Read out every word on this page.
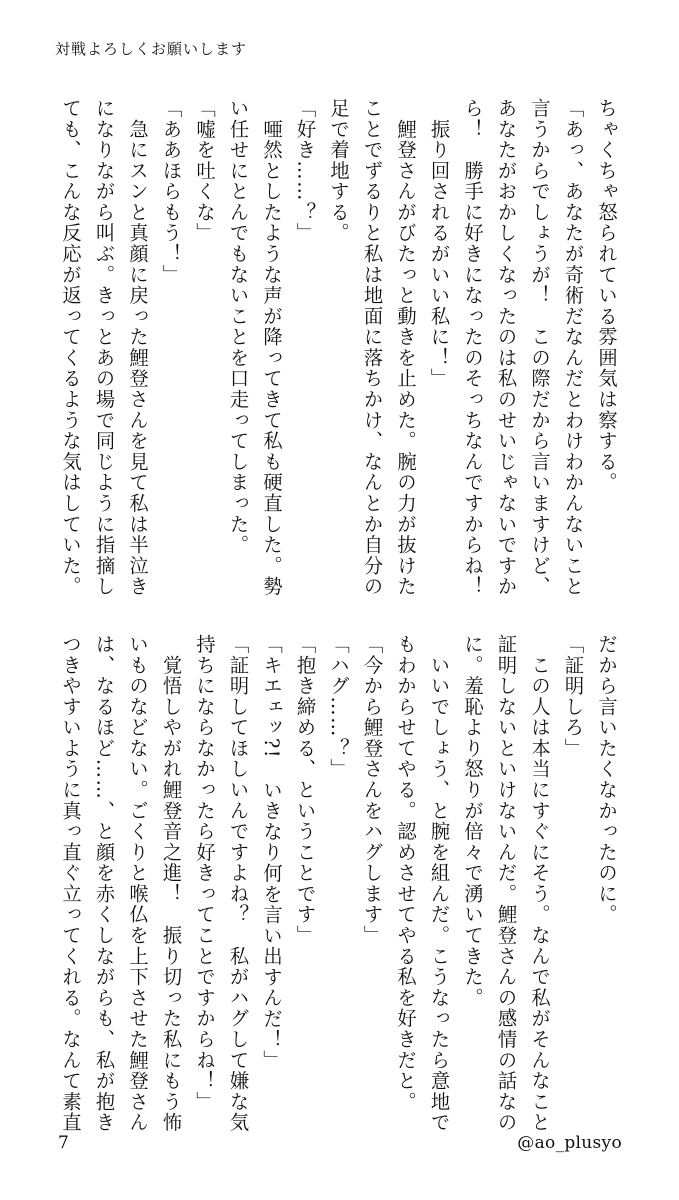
対戦よろしくお願いします

ちゃくちゃ怒られている雰囲気は察する。

「あっ、あなたが奇術だなんだとわけわかんないこと

言うからでしょうが！　この際だから言いますけど、

あなたがおかしくなったのは私のせいじゃないですか

ら！　勝手に好きになったのそっちなんですからね！

　振り回されるがいい私に！」

　鯉登さんがびたっと動きを止めた。腕の力が抜けた

ことでずるりと私は地面に落ちかけ、なんとか自分の

足で着地する。

「好き……？」

　唖然としたような声が降ってきて私も硬直した。勢

い任せにとんでもないことを口走ってしまった。

「嘘を吐くな」

「ああほらもう！」

　急にスンと真顔に戻った鯉登さんを見て私は半泣き

になりながら叫ぶ。きっとあの場で同じように指摘し

ても、こんな反応が返ってくるような気はしていた。

だから言いたくなかったのに。

「証明しろ」

　この人は本当にすぐにそう。なんで私がそんなこと

証明しないといけないんだ。鯉登さんの感情の話なの

に。羞恥より怒りが倍々で湧いてきた。

　いいでしょう、と腕を組んだ。こうなったら意地で

もわからせてやる。認めさせてやる私を好きだと。

「今から鯉登さんをハグします」

「ハグ……？」

「抱き締める、ということです」

「キエェッ?!　いきなり何を言い出すんだ！」

「証明してほしいんですよね？　私がハグして嫌な気

持ちにならなかったら好きってことですからね！」

　覚悟しやがれ鯉登音之進！　振り切った私にもう怖

いものなどない。ごくりと喉仏を上下させた鯉登さん

は、なるほど……、と顔を赤くしながらも、私が抱き

つきやすいように真っ直ぐ立ってくれる。なんて素直

7	@ao_plusyo
